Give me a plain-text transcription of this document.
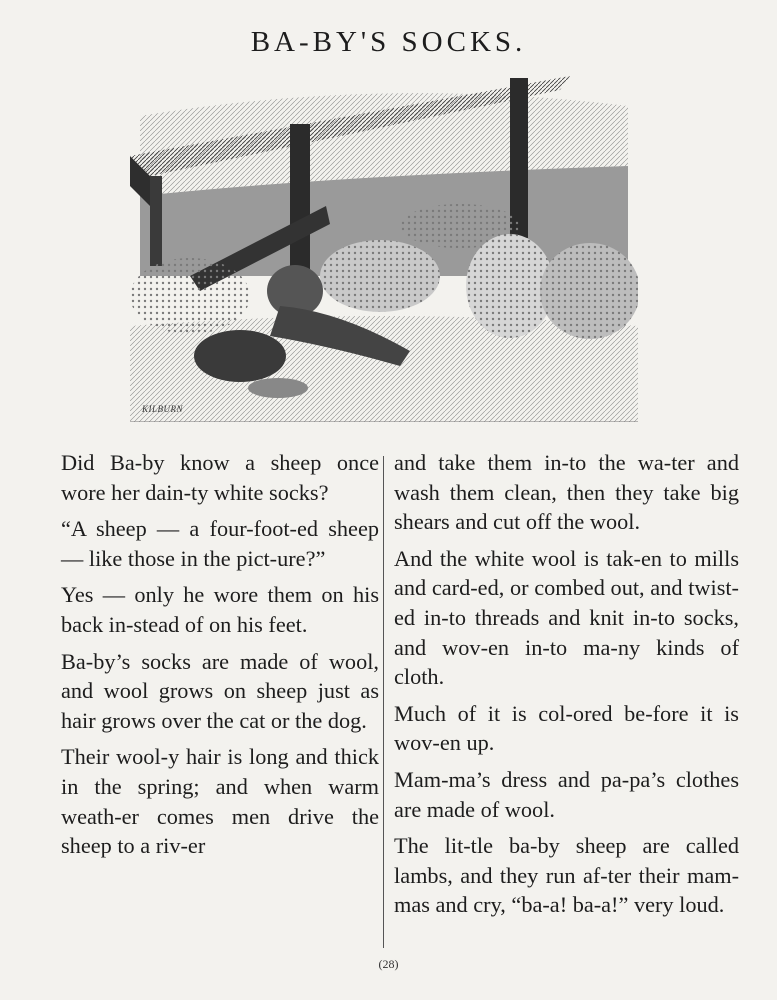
BA-BY'S SOCKS.
KILBURN

Did Ba-by know a sheep once wore her dain-ty white socks?

“A sheep — a four-foot-ed sheep — like those in the pict-ure?”

Yes — only he wore them on his back in-stead of on his feet.

Ba-by’s socks are made of wool, and wool grows on sheep just as hair grows over the cat or the dog.

Their wool-y hair is long and thick in the spring; and when warm weath-er comes men drive the sheep to a riv-er

and take them in-to the wa-ter and wash them clean, then they take big shears and cut off the wool.

And the white wool is tak-en to mills and card-ed, or combed out, and twist-ed in-to threads and knit in-to socks, and wov-en in-to ma-ny kinds of cloth.

Much of it is col-ored be-fore it is wov-en up.

Mam-ma’s dress and pa-pa’s clothes are made of wool.

The lit-tle ba-by sheep are called lambs, and they run af-ter their mam-mas and cry, “ba-a! ba-a!” very loud.

(28)
